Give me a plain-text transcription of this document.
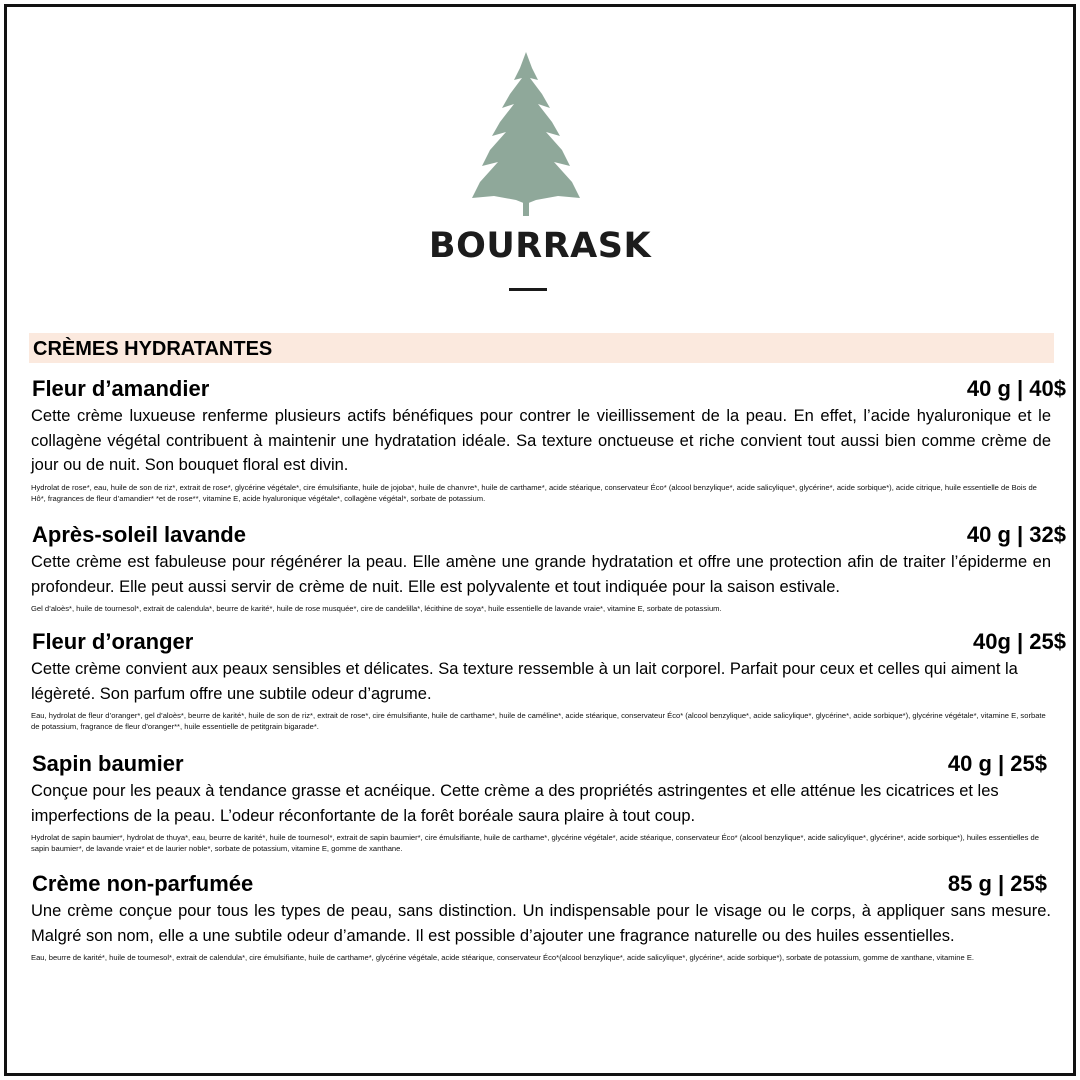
BOURRASK
CRÈMES HYDRATANTES
Fleur d’amandier	40 g | 40$

Cette crème luxueuse renferme plusieurs actifs bénéfiques pour contrer le vieillissement de la peau. En effet, l’acide hyaluronique et le collagène végétal contribuent à maintenir une hydratation idéale. Sa texture onctueuse et riche convient tout aussi bien comme crème de jour ou de nuit. Son bouquet floral est divin.

Hydrolat de rose*, eau, huile de son de riz*, extrait de rose*, glycérine végétale*, cire émulsifiante, huile de jojoba*, huile de chanvre*, huile de carthame*, acide stéarique, conservateur Éco* (alcool benzylique*, acide salicylique*, glycérine*, acide sorbique*), acide citrique, huile essentielle de Bois de Hô*, fragrances de fleur d’amandier* *et de rose**, vitamine E, acide hyaluronique végétale*, collagène végétal*, sorbate de potassium.

Après-soleil lavande	40 g | 32$

Cette crème est fabuleuse pour régénérer la peau. Elle amène une grande hydratation et offre une protection afin de traiter l’épiderme en profondeur. Elle peut aussi servir de crème de nuit. Elle est polyvalente et tout indiquée pour la saison estivale.

Gel d’aloès*, huile de tournesol*, extrait de calendula*, beurre de karité*, huile de rose musquée*, cire de candelilla*, lécithine de soya*, huile essentielle de lavande vraie*, vitamine E, sorbate de potassium.

Fleur d’oranger	40g | 25$

Cette crème convient aux peaux sensibles et délicates. Sa texture ressemble à un lait corporel. Parfait pour ceux et celles qui aiment la légèreté. Son parfum offre une subtile odeur d’agrume.

Eau, hydrolat de fleur d’oranger*, gel d’aloès*, beurre de karité*, huile de son de riz*, extrait de rose*, cire émulsifiante, huile de carthame*, huile de caméline*, acide stéarique, conservateur Éco* (alcool benzylique*, acide salicylique*, glycérine*, acide sorbique*), glycérine végétale*, vitamine E, sorbate de potassium, fragrance de fleur d’oranger**, huile essentielle de petitgrain bigarade*.

Sapin baumier	40 g | 25$

Conçue pour les peaux à tendance grasse et acnéique. Cette crème a des propriétés astringentes et elle atténue les cicatrices et les imperfections de la peau. L’odeur réconfortante de la forêt boréale saura plaire à tout coup.

Hydrolat de sapin baumier*, hydrolat de thuya*, eau, beurre de karité*, huile de tournesol*, extrait de sapin baumier*, cire émulsifiante, huile de carthame*, glycérine végétale*, acide stéarique, conservateur Éco* (alcool benzylique*, acide salicylique*, glycérine*, acide sorbique*), huiles essentielles de sapin baumier*, de lavande vraie* et de laurier noble*, sorbate de potassium, vitamine E, gomme de xanthane.

Crème non-parfumée	85 g | 25$

Une crème conçue pour tous les types de peau, sans distinction. Un indispensable pour le visage ou le corps, à appliquer sans mesure. Malgré son nom, elle a une subtile odeur d’amande. Il est possible d’ajouter une fragrance naturelle ou des huiles essentielles.

Eau, beurre de karité*, huile de tournesol*, extrait de calendula*, cire émulsifiante, huile de carthame*, glycérine végétale, acide stéarique, conservateur Éco*(alcool benzylique*, acide salicylique*, glycérine*, acide sorbique*), sorbate de potassium, gomme de xanthane, vitamine E.
